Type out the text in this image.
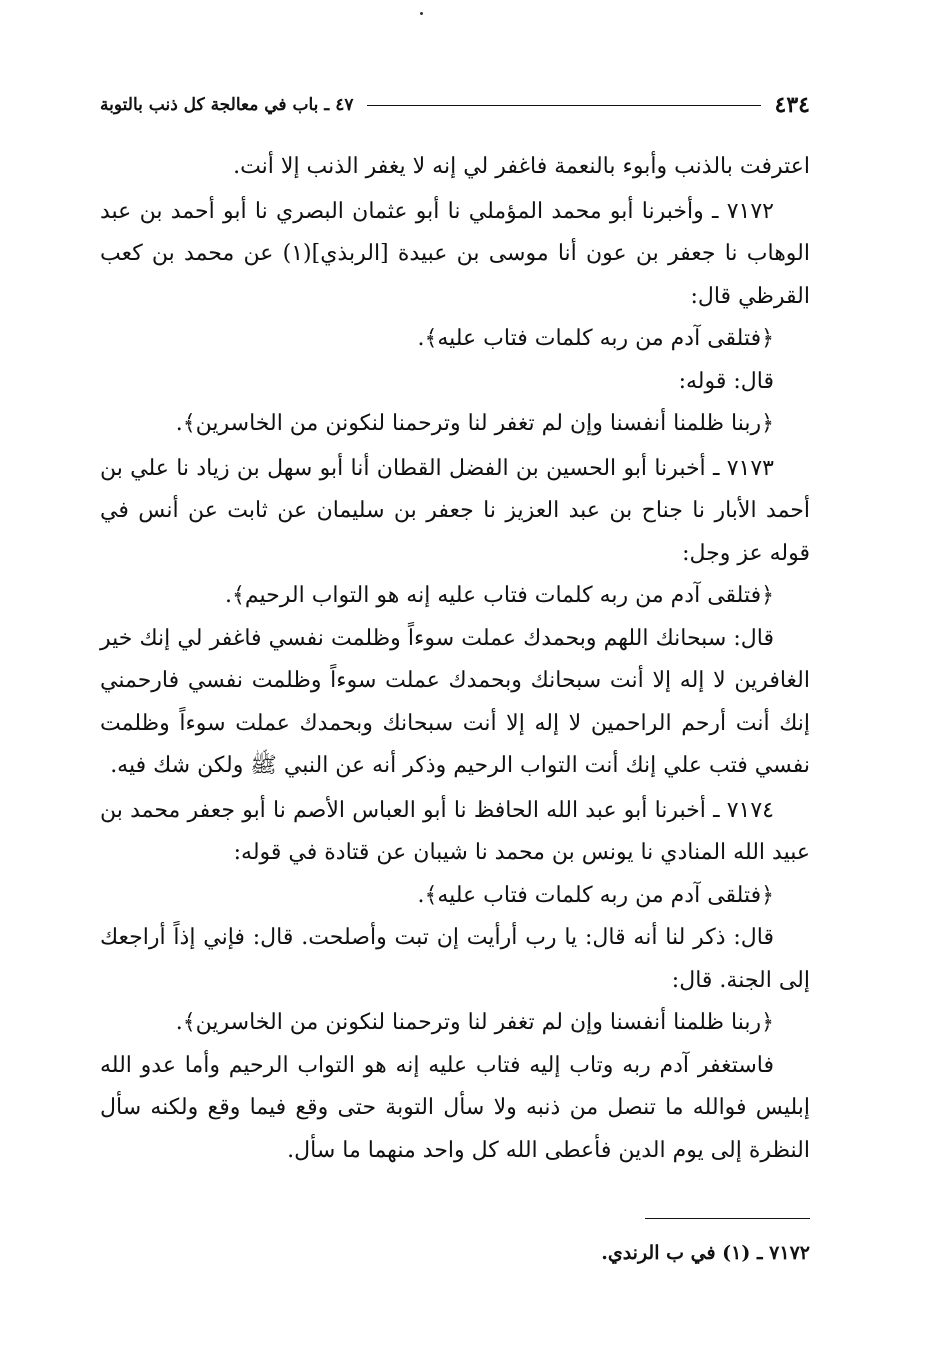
٤٣٤
٤٧ ـ باب في معالجة كل ذنب بالتوبة

اعترفت بالذنب وأبوء بالنعمة فاغفر لي إنه لا يغفر الذنب إلا أنت.

٧١٧٢ ـ وأخبرنا أبو محمد المؤملي نا أبو عثمان البصري نا أبو أحمد بن عبد الوهاب نا جعفر بن عون أنا موسى بن عبيدة [الربذي](١) عن محمد بن كعب القرظي قال:

﴿فتلقى آدم من ربه كلمات فتاب عليه﴾.

قال: قوله:

﴿ربنا ظلمنا أنفسنا وإن لم تغفر لنا وترحمنا لنكونن من الخاسرين﴾.

٧١٧٣ ـ أخبرنا أبو الحسين بن الفضل القطان أنا أبو سهل بن زياد نا علي بن أحمد الأبار نا جناح بن عبد العزيز نا جعفر بن سليمان عن ثابت عن أنس في قوله عز وجل:

﴿فتلقى آدم من ربه كلمات فتاب عليه إنه هو التواب الرحيم﴾.

قال: سبحانك اللهم وبحمدك عملت سوءاً وظلمت نفسي فاغفر لي إنك خير الغافرين لا إله إلا أنت سبحانك وبحمدك عملت سوءاً وظلمت نفسي فارحمني إنك أنت أرحم الراحمين لا إله إلا أنت سبحانك وبحمدك عملت سوءاً وظلمت نفسي فتب علي إنك أنت التواب الرحيم وذكر أنه عن النبي ﷺ ولكن شك فيه.

٧١٧٤ ـ أخبرنا أبو عبد الله الحافظ نا أبو العباس الأصم نا أبو جعفر محمد بن عبيد الله المنادي نا يونس بن محمد نا شيبان عن قتادة في قوله:

﴿فتلقى آدم من ربه كلمات فتاب عليه﴾.

قال: ذكر لنا أنه قال: يا رب أرأيت إن تبت وأصلحت. قال: فإني إذاً أراجعك إلى الجنة. قال:

﴿ربنا ظلمنا أنفسنا وإن لم تغفر لنا وترحمنا لنكونن من الخاسرين﴾.

فاستغفر آدم ربه وتاب إليه فتاب عليه إنه هو التواب الرحيم وأما عدو الله إبليس فوالله ما تنصل من ذنبه ولا سأل التوبة حتى وقع فيما وقع ولكنه سأل النظرة إلى يوم الدين فأعطى الله كل واحد منهما ما سأل.

٧١٧٢ ـ (١) في ب الرندي.
